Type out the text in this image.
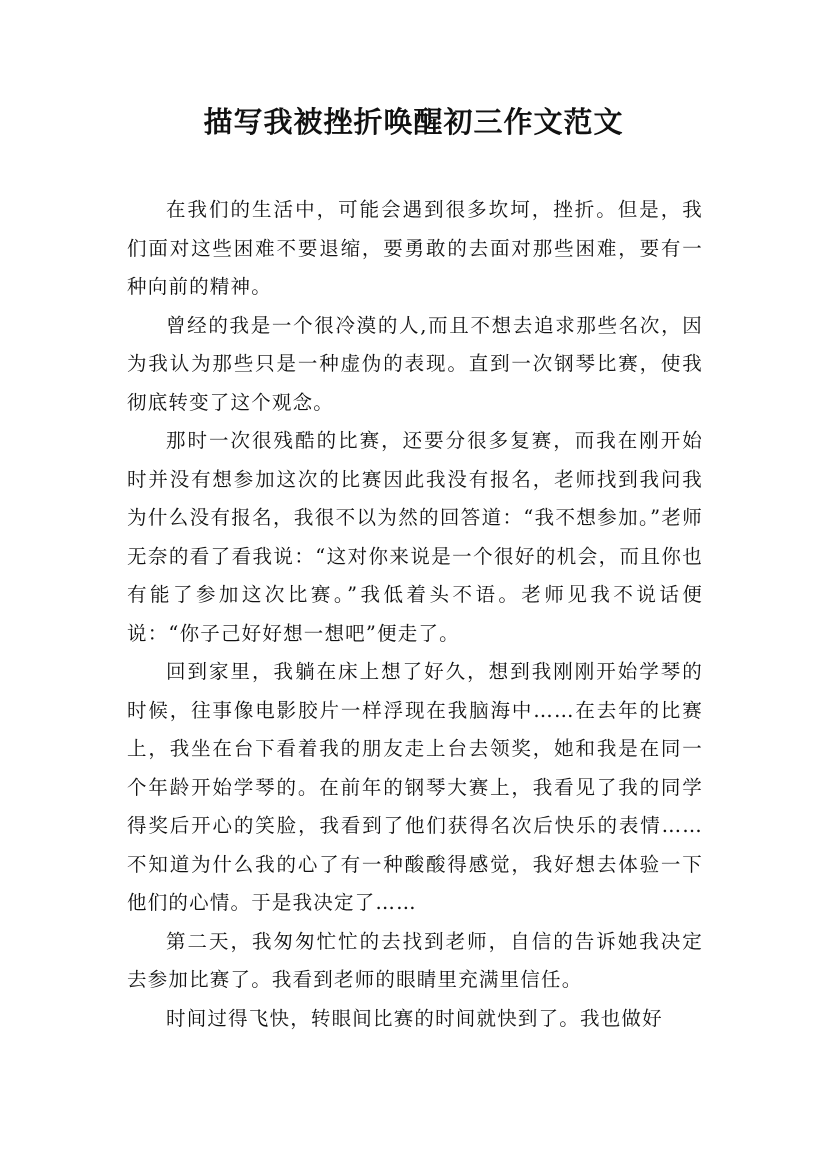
描写我被挫折唤醒初三作文范文

在我们的生活中，可能会遇到很多坎坷，挫折。但是，我们面对这些困难不要退缩，要勇敢的去面对那些困难，要有一种向前的精神。

曾经的我是一个很冷漠的人,而且不想去追求那些名次，因为我认为那些只是一种虚伪的表现。直到一次钢琴比赛，使我彻底转变了这个观念。

那时一次很残酷的比赛，还要分很多复赛，而我在刚开始时并没有想参加这次的比赛因此我没有报名，老师找到我问我为什么没有报名，我很不以为然的回答道：“我不想参加。”老师无奈的看了看我说：“这对你来说是一个很好的机会，而且你也有能了参加这次比赛。”我低着头不语。老师见我不说话便说：“你子己好好想一想吧”便走了。

回到家里，我躺在床上想了好久，想到我刚刚开始学琴的时候，往事像电影胶片一样浮现在我脑海中……在去年的比赛上，我坐在台下看着我的朋友走上台去领奖，她和我是在同一个年龄开始学琴的。在前年的钢琴大赛上，我看见了我的同学得奖后开心的笑脸，我看到了他们获得名次后快乐的表情……不知道为什么我的心了有一种酸酸得感觉，我好想去体验一下他们的心情。于是我决定了……

第二天，我匆匆忙忙的去找到老师，自信的告诉她我决定去参加比赛了。我看到老师的眼睛里充满里信任。

时间过得飞快，转眼间比赛的时间就快到了。我也做好
